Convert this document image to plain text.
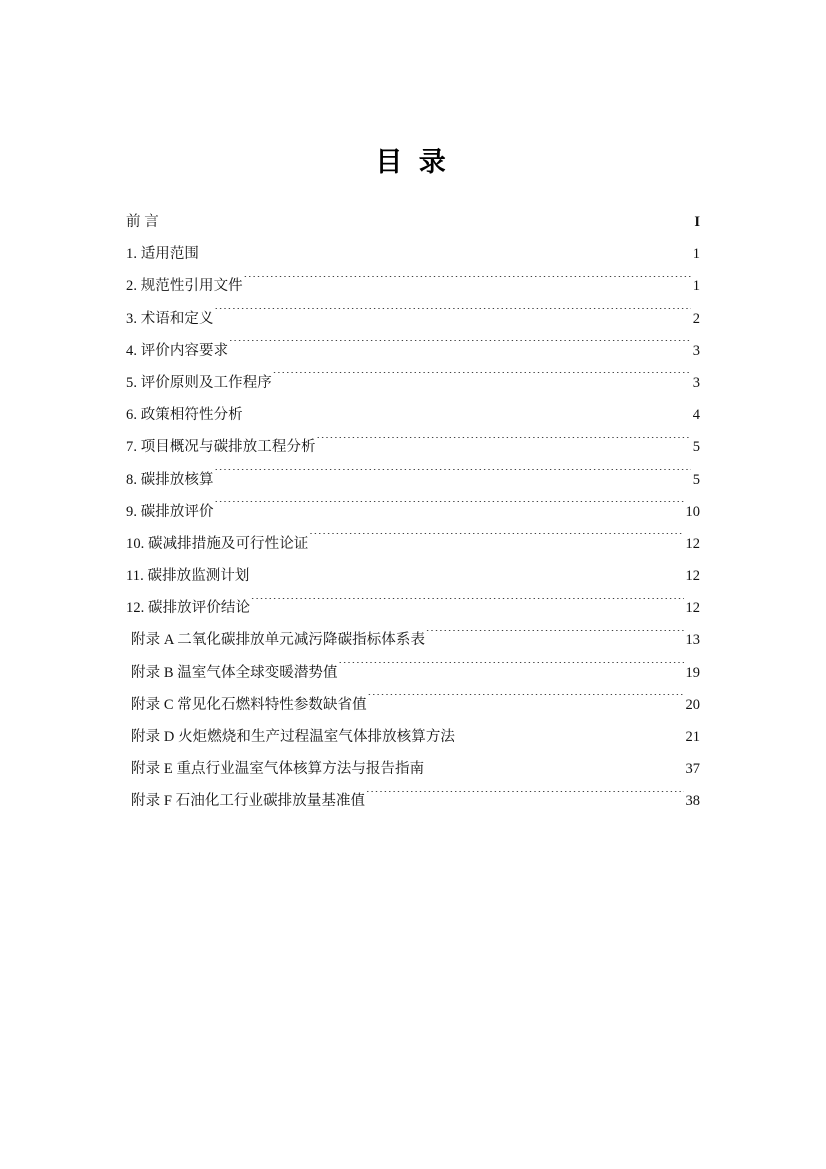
目 录
前 言 .....	I
1. 适用范围 .....	1
2. 规范性引用文件 .....	1
3. 术语和定义 .....	2
4. 评价内容要求 .....	3
5. 评价原则及工作程序 .....	3
6. 政策相符性分析 .....	4
7. 项目概况与碳排放工程分析 .....	5
8. 碳排放核算 .....	5
9. 碳排放评价 .....	10
10. 碳减排措施及可行性论证 .....	12
11. 碳排放监测计划 .....	12
12. 碳排放评价结论 .....	12
附录 A 二氧化碳排放单元减污降碳指标体系表 .....	13
附录 B 温室气体全球变暖潜势值 .....	19
附录 C 常见化石燃料特性参数缺省值 .....	20
附录 D 火炬燃烧和生产过程温室气体排放核算方法 .....	21
附录 E 重点行业温室气体核算方法与报告指南 .....	37
附录 F 石油化工行业碳排放量基准值 .....	38
